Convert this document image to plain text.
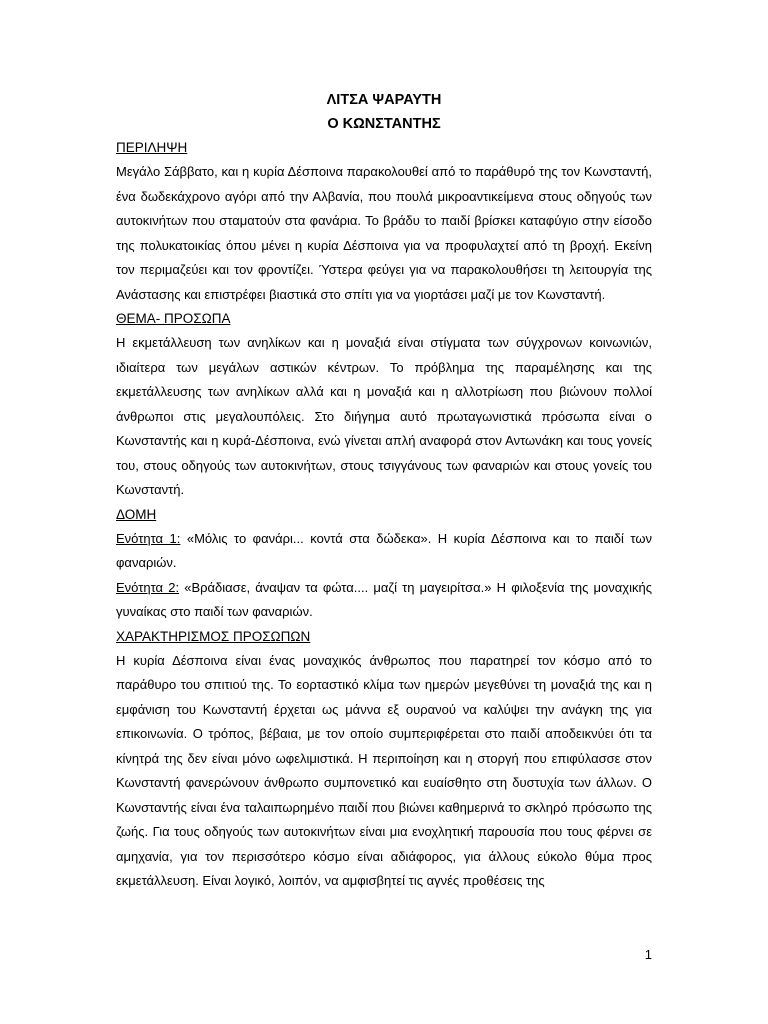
ΛΙΤΣΑ ΨΑΡΑΥΤΗ
Ο ΚΩΝΣΤΑΝΤΗΣ
ΠΕΡΙΛΗΨΗ

Μεγάλο Σάββατο, και η κυρία Δέσποινα παρακολουθεί από το παράθυρό της τον Κωνσταντή, ένα δωδεκάχρονο αγόρι από την Αλβανία, που πουλά μικροαντικείμενα στους οδηγούς των αυτοκινήτων που σταματούν στα φανάρια. Το βράδυ το παιδί βρίσκει καταφύγιο στην είσοδο της πολυκατοικίας όπου μένει η κυρία Δέσποινα για να προφυλαχτεί από τη βροχή. Εκείνη τον περιμαζεύει και τον φροντίζει. Ύστερα φεύγει για να παρακολουθήσει τη λειτουργία της Ανάστασης και επιστρέφει βιαστικά στο σπίτι για να γιορτάσει μαζί με τον Κωνσταντή.

ΘΕΜΑ- ΠΡΟΣΩΠΑ

Η εκμετάλλευση των ανηλίκων και η μοναξιά είναι στίγματα των σύγχρονων κοινωνιών, ιδιαίτερα των μεγάλων αστικών κέντρων. Το πρόβλημα της παραμέλησης και της εκμετάλλευσης των ανηλίκων αλλά και η μοναξιά και η αλλοτρίωση που βιώνουν πολλοί άνθρωποι στις μεγαλουπόλεις. Στο διήγημα αυτό πρωταγωνιστικά πρόσωπα είναι ο Κωνσταντής και η κυρά-Δέσποινα, ενώ γίνεται απλή αναφορά στον Αντωνάκη και τους γονείς του, στους οδηγούς των αυτοκινήτων, στους τσιγγάνους των φαναριών και στους γονείς του Κωνσταντή.

ΔΟΜΗ

Ενότητα 1: «Μόλις το φανάρι... κοντά στα δώδεκα». Η κυρία Δέσποινα και το παιδί των φαναριών.

Ενότητα 2: «Βράδιασε, άναψαν τα φώτα.... μαζί τη μαγειρίτσα.» Η φιλοξενία της μοναχικής γυναίκας στο παιδί των φαναριών.

ΧΑΡΑΚΤΗΡΙΣΜΟΣ ΠΡΟΣΩΠΩΝ

Η κυρία Δέσποινα είναι ένας μοναχικός άνθρωπος που παρατηρεί τον κόσμο από το παράθυρο του σπιτιού της. Το εορταστικό κλίμα των ημερών μεγεθύνει τη μοναξιά της και η εμφάνιση του Κωνσταντή έρχεται ως μάννα εξ ουρανού να καλύψει την ανάγκη της για επικοινωνία. Ο τρόπος, βέβαια, με τον οποίο συμπεριφέρεται στο παιδί αποδεικνύει ότι τα κίνητρά της δεν είναι μόνο ωφελιμιστικά. Η περιποίηση και η στοργή που επιφύλασσε στον Κωνσταντή φανερώνουν άνθρωπο συμπονετικό και ευαίσθητο στη δυστυχία των άλλων. Ο Κωνσταντής είναι ένα ταλαιπωρημένο παιδί που βιώνει καθημερινά το σκληρό πρόσωπο της ζωής. Για τους οδηγούς των αυτοκινήτων είναι μια ενοχλητική παρουσία που τους φέρνει σε αμηχανία, για τον περισσότερο κόσμο είναι αδιάφορος, για άλλους εύκολο θύμα προς εκμετάλλευση. Είναι λογικό, λοιπόν, να αμφισβητεί τις αγνές προθέσεις της

1
